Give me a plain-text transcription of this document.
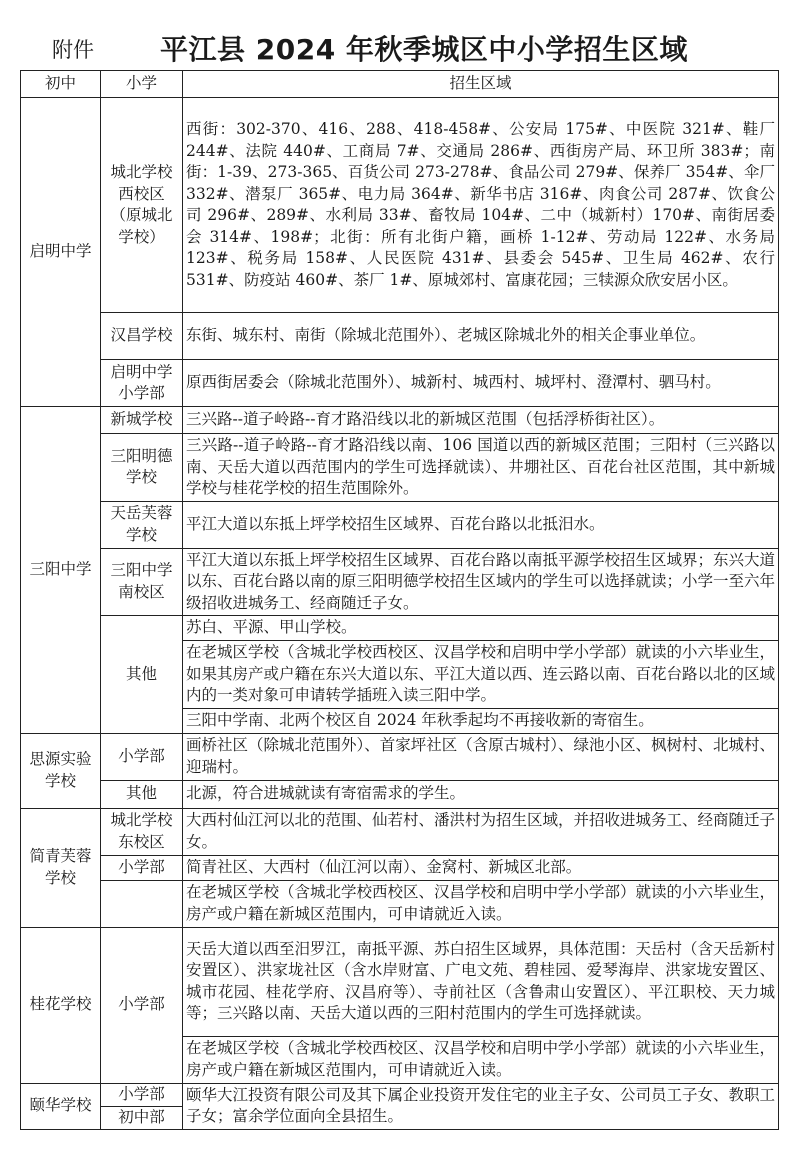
附件 平江县 2024 年秋季城区中小学招生区域
初中	小学	招生区域
启明中学	城北学校西校区（原城北学校）	西街：302-370、416、288、418-458#、公安局 175#、中医院 321#、鞋厂 244#、法院 440#、工商局 7#、交通局 286#、西街房产局、环卫所 383#；南街：1-39、273-365、百货公司 273-278#、食品公司 279#、保养厂 354#、伞厂 332#、潜泵厂 365#、电力局 364#、新华书店 316#、肉食公司 287#、饮食公司 296#、289#、水利局 33#、畜牧局 104#、二中（城新村）170#、南街居委会 314#、198#；北街：所有北街户籍，画桥 1-12#、劳动局 122#、水务局 123#、税务局 158#、人民医院 431#、县委会 545#、卫生局 462#、农行 531#、防疫站 460#、茶厂 1#、原城郊村、富康花园；三犊源众欣安居小区。
	汉昌学校	东街、城东村、南街（除城北范围外）、老城区除城北外的相关企事业单位。
	启明中学小学部	原西街居委会（除城北范围外）、城新村、城西村、城坪村、澄潭村、驷马村。
三阳中学	新城学校	三兴路--道子岭路--育才路沿线以北的新城区范围（包括浮桥街社区）。
	三阳明德学校	三兴路--道子岭路--育才路沿线以南、106 国道以西的新城区范围；三阳村（三兴路以南、天岳大道以西范围内的学生可选择就读）、井堋社区、百花台社区范围，其中新城学校与桂花学校的招生范围除外。
	天岳芙蓉学校	平江大道以东抵上坪学校招生区域界、百花台路以北抵汨水。
	三阳中学南校区	平江大道以东抵上坪学校招生区域界、百花台路以南抵平源学校招生区域界；东兴大道以东、百花台路以南的原三阳明德学校招生区域内的学生可以选择就读；小学一至六年级招收进城务工、经商随迁子女。
	其他	苏白、平源、甲山学校。
		在老城区学校（含城北学校西校区、汉昌学校和启明中学小学部）就读的小六毕业生，如果其房产或户籍在东兴大道以东、平江大道以西、连云路以南、百花台路以北的区域内的一类对象可申请转学插班入读三阳中学。
		三阳中学南、北两个校区自 2024 年秋季起均不再接收新的寄宿生。
思源实验学校	小学部	画桥社区（除城北范围外）、首家坪社区（含原古城村）、绿池小区、枫树村、北城村、迎瑞村。
	其他	北源，符合进城就读有寄宿需求的学生。
简青芙蓉学校	城北学校东校区	大西村仙江河以北的范围、仙若村、潘洪村为招生区域，并招收进城务工、经商随迁子女。
	小学部	简青社区、大西村（仙江河以南）、金窝村、新城区北部。
		在老城区学校（含城北学校西校区、汉昌学校和启明中学小学部）就读的小六毕业生，房产或户籍在新城区范围内，可申请就近入读。
桂花学校	小学部	天岳大道以西至汨罗江，南抵平源、苏白招生区域界，具体范围：天岳村（含天岳新村安置区）、洪家垅社区（含水岸财富、广电文苑、碧桂园、爱琴海岸、洪家垅安置区、城市花园、桂花学府、汉昌府等）、寺前社区（含鲁肃山安置区）、平江职校、天力城等；三兴路以南、天岳大道以西的三阳村范围内的学生可选择就读。
		在老城区学校（含城北学校西校区、汉昌学校和启明中学小学部）就读的小六毕业生，房产或户籍在新城区范围内，可申请就近入读。
颐华学校	小学部	颐华大江投资有限公司及其下属企业投资开发住宅的业主子女、公司员工子女、教职工子女；富余学位面向全县招生。
	初中部	
